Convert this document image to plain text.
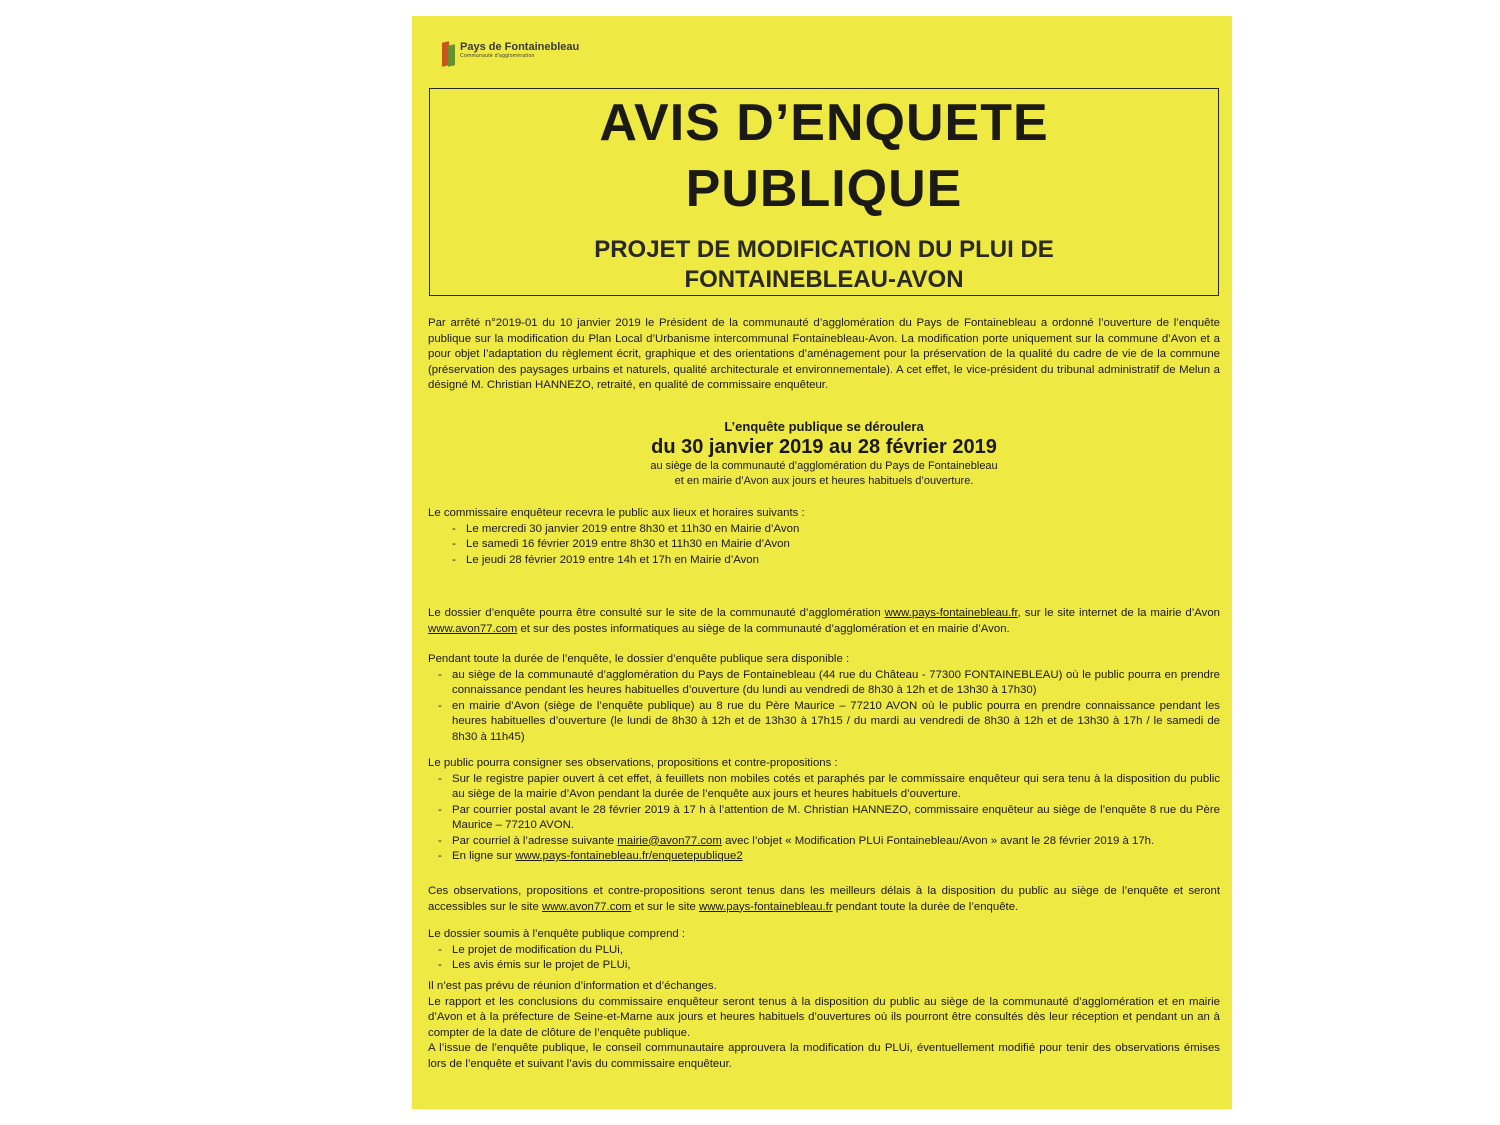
Pays de Fontainebleau
Communauté d'agglomération
AVIS D’ENQUETE
PUBLIQUE
PROJET DE MODIFICATION DU PLUI DE
FONTAINEBLEAU-AVON
Par arrêté n°2019-01 du 10 janvier 2019 le Président de la communauté d’agglomération du Pays de Fontainebleau a ordonné l’ouverture de l’enquête publique sur la modification du Plan Local d’Urbanisme intercommunal Fontainebleau-Avon. La modification porte uniquement sur la commune d’Avon et a pour objet l’adaptation du règlement écrit, graphique et des orientations d’aménagement pour la préservation de la qualité du cadre de vie de la commune (préservation des paysages urbains et naturels, qualité architecturale et environnementale). A cet effet, le vice-président du tribunal administratif de Melun a désigné M. Christian HANNEZO, retraité, en qualité de commissaire enquêteur.
L’enquête publique se déroulera
du 30 janvier 2019 au 28 février 2019
au siège de la communauté d’agglomération du Pays de Fontainebleau
et en mairie d’Avon aux jours et heures habituels d’ouverture.
Le commissaire enquêteur recevra le public aux lieux et horaires suivants :
- Le mercredi 30 janvier 2019 entre 8h30 et 11h30 en Mairie d’Avon
- Le samedi 16 février 2019 entre 8h30 et 11h30 en Mairie d’Avon
- Le jeudi 28 février 2019 entre 14h et 17h en Mairie d’Avon
Le dossier d’enquête pourra être consulté sur le site de la communauté d’agglomération www.pays-fontainebleau.fr, sur le site internet de la mairie d’Avon www.avon77.com et sur des postes informatiques au siège de la communauté d’agglomération et en mairie d’Avon.
Pendant toute la durée de l’enquête, le dossier d’enquête publique sera disponible :
- au siège de la communauté d’agglomération du Pays de Fontainebleau (44 rue du Château - 77300 FONTAINEBLEAU) où le public pourra en prendre connaissance pendant les heures habituelles d’ouverture (du lundi au vendredi de 8h30 à 12h et de 13h30 à 17h30)
- en mairie d’Avon (siège de l’enquête publique) au 8 rue du Père Maurice – 77210 AVON où le public pourra en prendre connaissance pendant les heures habituelles d’ouverture (le lundi de 8h30 à 12h et de 13h30 à 17h15 / du mardi au vendredi de 8h30 à 12h et de 13h30 à 17h / le samedi de 8h30 à 11h45)
Le public pourra consigner ses observations, propositions et contre-propositions :
- Sur le registre papier ouvert à cet effet, à feuillets non mobiles cotés et paraphés par le commissaire enquêteur qui sera tenu à la disposition du public au siège de la mairie d’Avon pendant la durée de l’enquête aux jours et heures habituels d’ouverture.
- Par courrier postal avant le 28 février 2019 à 17 h à l’attention de M. Christian HANNEZO, commissaire enquêteur au siège de l’enquête 8 rue du Père Maurice – 77210 AVON.
- Par courriel à l’adresse suivante mairie@avon77.com avec l’objet « Modification PLUi Fontainebleau/Avon » avant le 28 février 2019 à 17h.
- En ligne sur www.pays-fontainebleau.fr/enquetepublique2
Ces observations, propositions et contre-propositions seront tenus dans les meilleurs délais à la disposition du public au siège de l’enquête et seront accessibles sur le site www.avon77.com et sur le site www.pays-fontainebleau.fr pendant toute la durée de l’enquête.
Le dossier soumis à l’enquête publique comprend :
- Le projet de modification du PLUi,
- Les avis émis sur le projet de PLUi,
Il n’est pas prévu de réunion d’information et d’échanges.
Le rapport et les conclusions du commissaire enquêteur seront tenus à la disposition du public au siège de la communauté d’agglomération et en mairie d’Avon et à la préfecture de Seine-et-Marne aux jours et heures habituels d’ouvertures où ils pourront être consultés dès leur réception et pendant un an à compter de la date de clôture de l’enquête publique.
A l’issue de l’enquête publique, le conseil communautaire approuvera la modification du PLUi, éventuellement modifié pour tenir des observations émises lors de l’enquête et suivant l’avis du commissaire enquêteur.
